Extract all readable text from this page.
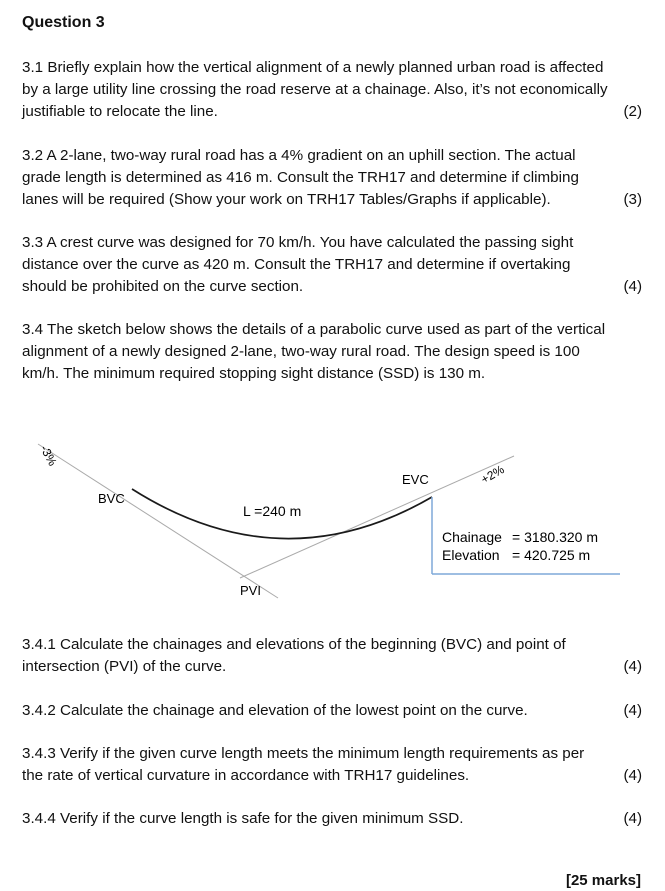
Question 3
3.1 Briefly explain how the vertical alignment of a newly planned urban road is affected
by a large utility line crossing the road reserve at a chainage. Also, it’s not economically
(2)
justifiable to relocate the line.
3.2 A 2-lane, two-way rural road has a 4% gradient on an uphill section. The actual
grade length is determined as 416 m. Consult the TRH17 and determine if climbing
(3)
lanes will be required (Show your work on TRH17 Tables/Graphs if applicable).
3.3 A crest curve was designed for 70 km/h. You have calculated the passing sight
distance over the curve as 420 m. Consult the TRH17 and determine if overtaking
(4)
should be prohibited on the curve section.
3.4 The sketch below shows the details of a parabolic curve used as part of the vertical
alignment of a newly designed 2-lane, two-way rural road. The design speed is 100
km/h. The minimum required stopping sight distance (SSD) is 130 m.
-3%
+2%
BVC
EVC
PVI
L =240 m
Chainage = 3180.320 m
Elevation = 420.725 m
3.4.1 Calculate the chainages and elevations of the beginning (BVC) and point of
(4)
intersection (PVI) of the curve.
(4)
3.4.2 Calculate the chainage and elevation of the lowest point on the curve.
3.4.3 Verify if the given curve length meets the minimum length requirements as per
(4)
the rate of vertical curvature in accordance with TRH17 guidelines.
(4)
3.4.4 Verify if the curve length is safe for the given minimum SSD.
[25 marks]
